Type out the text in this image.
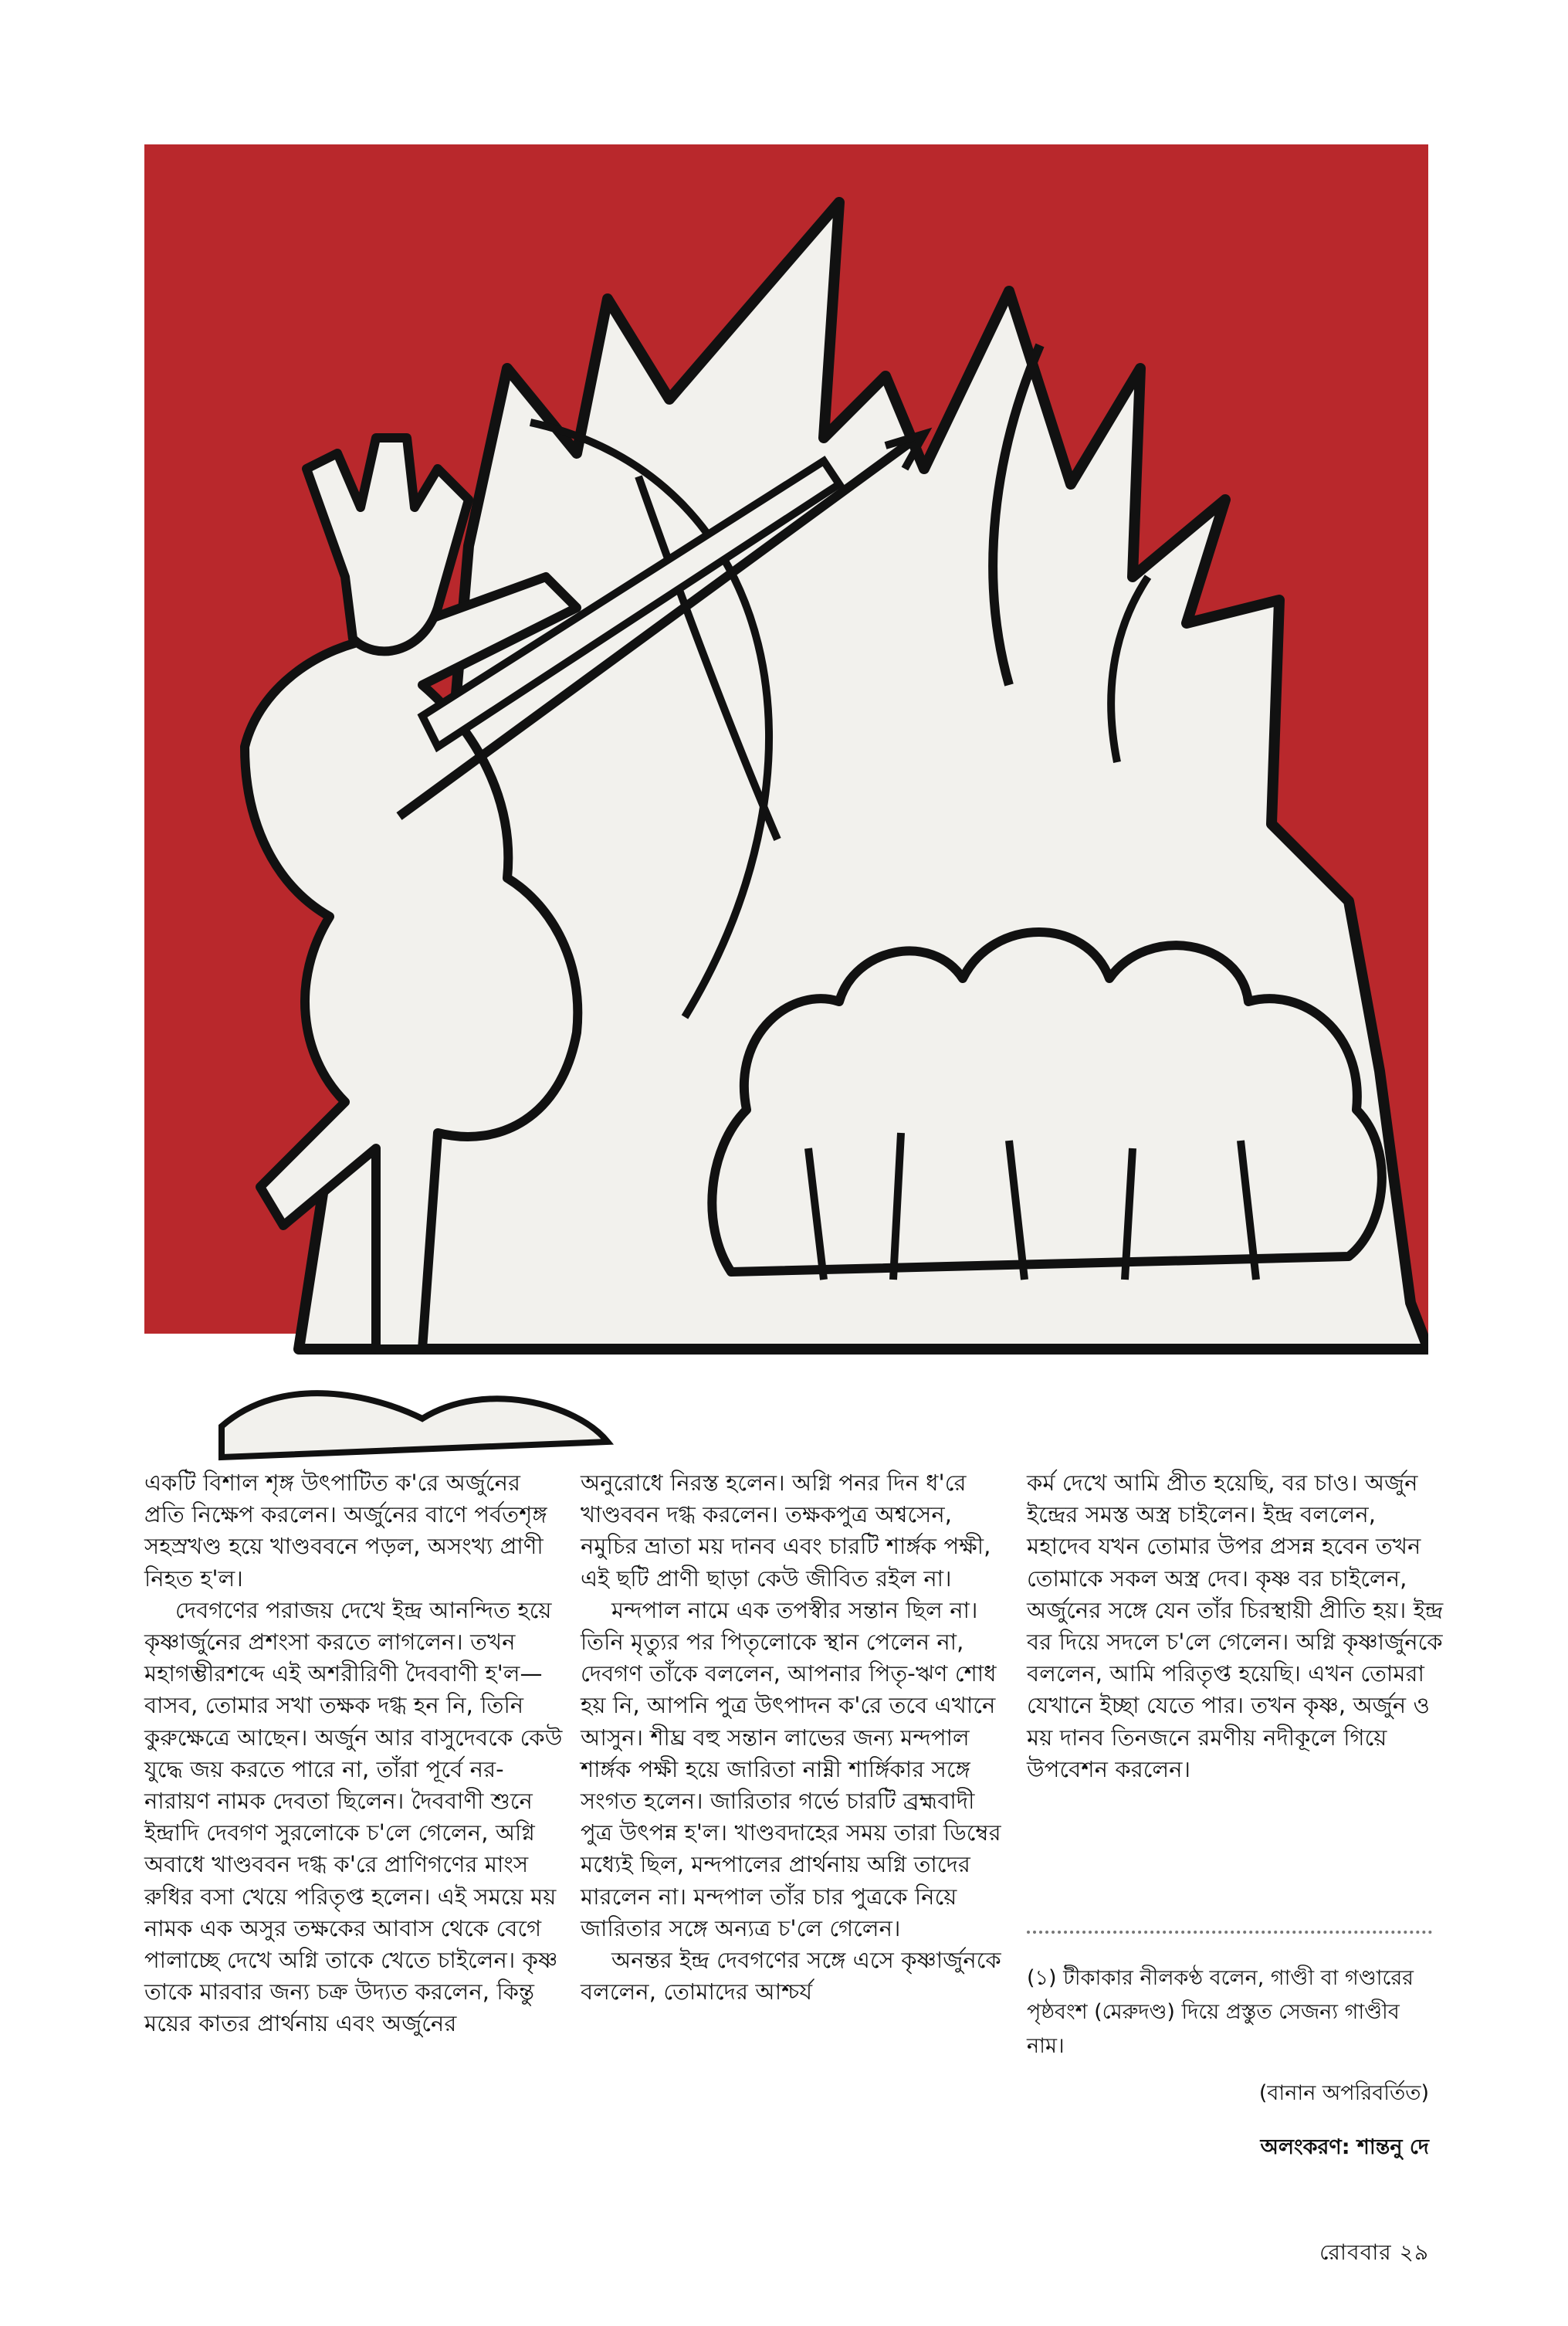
একটি বিশাল শৃঙ্গ উৎপাটিত ক'রে অর্জুনের প্রতি নিক্ষেপ করলেন। অর্জুনের বাণে পর্বতশৃঙ্গ সহস্রখণ্ড হয়ে খাণ্ডববনে পড়ল, অসংখ্য প্রাণী নিহত হ'ল।

দেবগণের পরাজয় দেখে ইন্দ্র আনন্দিত হয়ে কৃষ্ণার্জুনের প্রশংসা করতে লাগলেন। তখন মহাগম্ভীরশব্দে এই অশরীরিণী দৈববাণী হ'ল— বাসব, তোমার সখা তক্ষক দগ্ধ হন নি, তিনি কুরুক্ষেত্রে আছেন। অর্জুন আর বাসুদেবকে কেউ যুদ্ধে জয় করতে পারে না, তাঁরা পূর্বে নর-নারায়ণ নামক দেবতা ছিলেন। দৈববাণী শুনে ইন্দ্রাদি দেবগণ সুরলোকে চ'লে গেলেন, অগ্নি অবাধে খাণ্ডববন দগ্ধ ক'রে প্রাণিগণের মাংস রুধির বসা খেয়ে পরিতৃপ্ত হলেন। এই সময়ে ময় নামক এক অসুর তক্ষকের আবাস থেকে বেগে পালাচ্ছে দেখে অগ্নি তাকে খেতে চাইলেন। কৃষ্ণ তাকে মারবার জন্য চক্র উদ্যত করলেন, কিন্তু ময়ের কাতর প্রার্থনায় এবং অর্জুনের

অনুরোধে নিরস্ত হলেন। অগ্নি পনর দিন ধ'রে খাণ্ডববন দগ্ধ করলেন। তক্ষকপুত্র অশ্বসেন, নমুচির ভ্রাতা ময় দানব এবং চারটি শার্ঙ্গক পক্ষী, এই ছটি প্রাণী ছাড়া কেউ জীবিত রইল না।

মন্দপাল নামে এক তপস্বীর সন্তান ছিল না। তিনি মৃত্যুর পর পিতৃলোকে স্থান পেলেন না, দেবগণ তাঁকে বললেন, আপনার পিতৃ-ঋণ শোধ হয় নি, আপনি পুত্র উৎপাদন ক'রে তবে এখানে আসুন। শীঘ্র বহু সন্তান লাভের জন্য মন্দপাল শার্ঙ্গক পক্ষী হয়ে জারিতা নাম্নী শার্ঙ্গিকার সঙ্গে সংগত হলেন। জারিতার গর্ভে চারটি ব্রহ্মবাদী পুত্র উৎপন্ন হ'ল। খাণ্ডবদাহের সময় তারা ডিম্বের মধ্যেই ছিল, মন্দপালের প্রার্থনায় অগ্নি তাদের মারলেন না। মন্দপাল তাঁর চার পুত্রকে নিয়ে জারিতার সঙ্গে অন্যত্র চ'লে গেলেন।

অনন্তর ইন্দ্র দেবগণের সঙ্গে এসে কৃষ্ণার্জুনকে বললেন, তোমাদের আশ্চর্য

কর্ম দেখে আমি প্রীত হয়েছি, বর চাও। অর্জুন ইন্দ্রের সমস্ত অস্ত্র চাইলেন। ইন্দ্র বললেন, মহাদেব যখন তোমার উপর প্রসন্ন হবেন তখন তোমাকে সকল অস্ত্র দেব। কৃষ্ণ বর চাইলেন, অর্জুনের সঙ্গে যেন তাঁর চিরস্থায়ী প্রীতি হয়। ইন্দ্র বর দিয়ে সদলে চ'লে গেলেন। অগ্নি কৃষ্ণার্জুনকে বললেন, আমি পরিতৃপ্ত হয়েছি। এখন তোমরা যেখানে ইচ্ছা যেতে পার। তখন কৃষ্ণ, অর্জুন ও ময় দানব তিনজনে রমণীয় নদীকূলে গিয়ে উপবেশন করলেন।

(১) টীকাকার নীলকণ্ঠ বলেন, গাণ্ডী বা গণ্ডারের পৃষ্ঠবংশ (মেরুদণ্ড) দিয়ে প্রস্তুত সেজন্য গাণ্ডীব নাম।

(বানান অপরিবর্তিত)

অলংকরণ: শান্তনু দে

রোববার ২৯
